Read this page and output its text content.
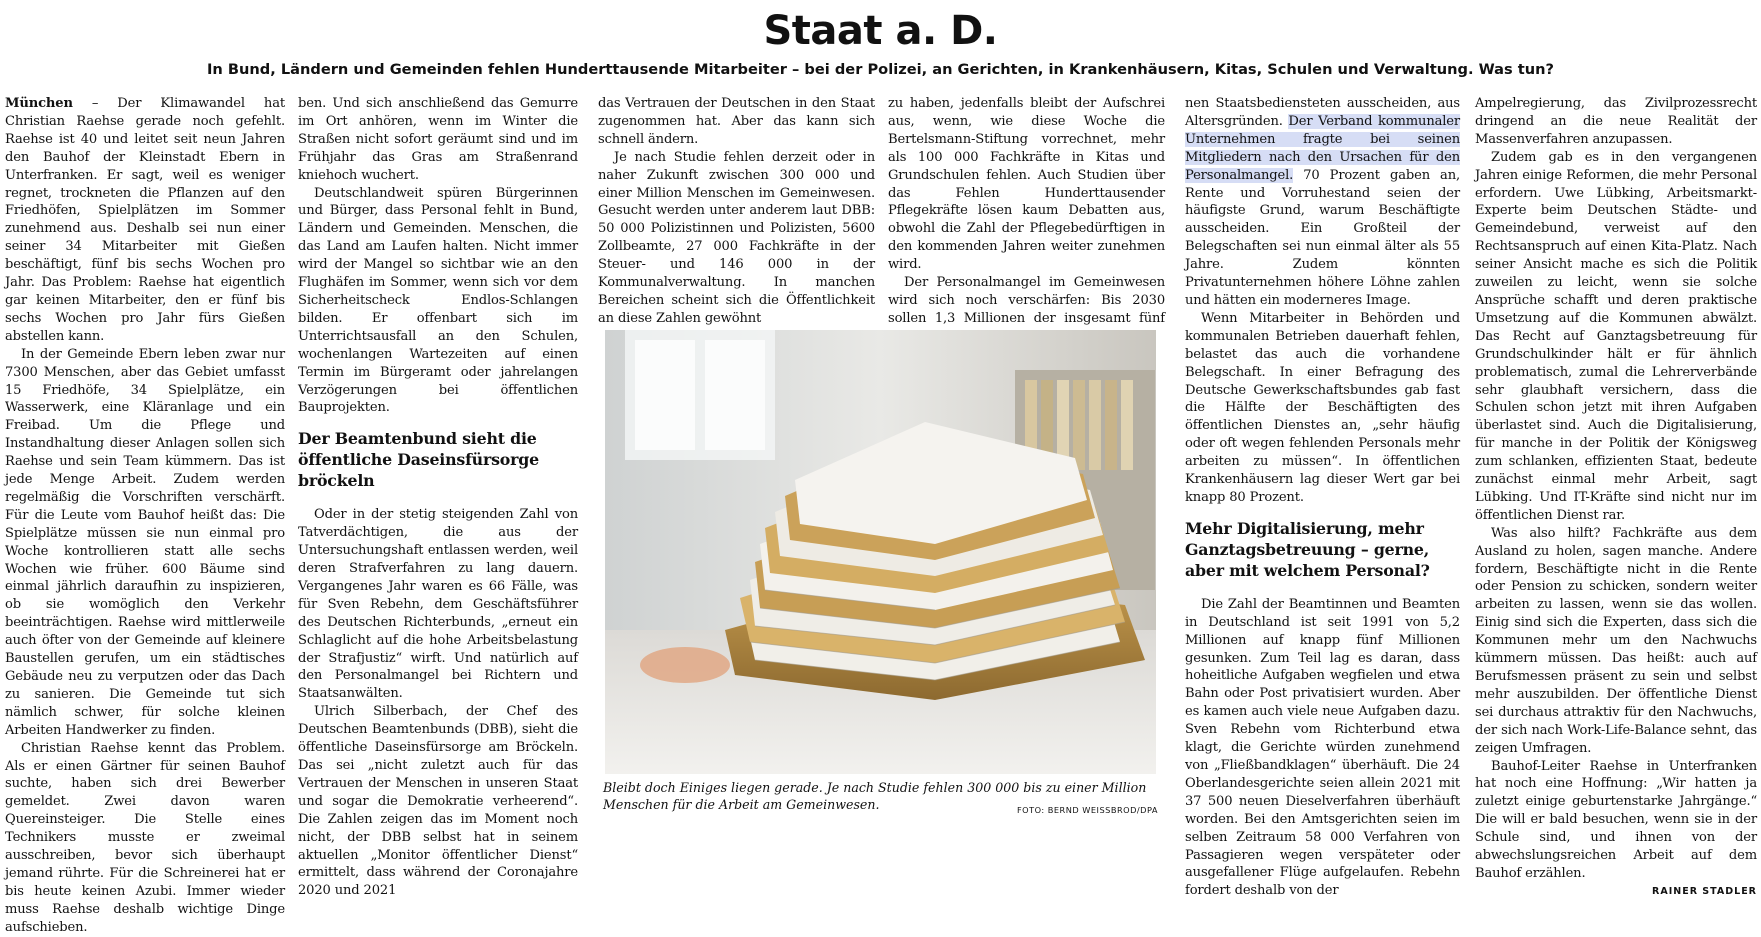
Staat a. D.
In Bund, Ländern und Gemeinden fehlen Hunderttausende Mitarbeiter – bei der Polizei, an Gerichten, in Krankenhäusern, Kitas, Schulen und Verwaltung. Was tun?

München – Der Klimawandel hat Christian Raehse gerade noch gefehlt. Raehse ist 40 und leitet seit neun Jahren den Bauhof der Kleinstadt Ebern in Unterfranken. Er sagt, weil es weniger regnet, trockneten die Pflanzen auf den Friedhöfen, Spielplätzen im Sommer zunehmend aus. Deshalb sei nun einer seiner 34 Mitarbeiter mit Gießen beschäftigt, fünf bis sechs Wochen pro Jahr. Das Problem: Raehse hat eigentlich gar keinen Mitarbeiter, den er fünf bis sechs Wochen pro Jahr fürs Gießen abstellen kann.

In der Gemeinde Ebern leben zwar nur 7300 Menschen, aber das Gebiet umfasst 15 Friedhöfe, 34 Spielplätze, ein Wasserwerk, eine Kläranlage und ein Freibad. Um die Pflege und Instandhaltung dieser Anlagen sollen sich Raehse und sein Team kümmern. Das ist jede Menge Arbeit. Zudem werden regelmäßig die Vorschriften verschärft. Für die Leute vom Bauhof heißt das: Die Spielplätze müssen sie nun einmal pro Woche kontrollieren statt alle sechs Wochen wie früher. 600 Bäume sind einmal jährlich daraufhin zu inspizieren, ob sie womöglich den Verkehr beeinträchtigen. Raehse wird mittlerweile auch öfter von der Gemeinde auf kleinere Baustellen gerufen, um ein städtisches Gebäude neu zu verputzen oder das Dach zu sanieren. Die Gemeinde tut sich nämlich schwer, für solche kleinen Arbeiten Handwerker zu finden.

Christian Raehse kennt das Problem. Als er einen Gärtner für seinen Bauhof suchte, haben sich drei Bewerber gemeldet. Zwei davon waren Quereinsteiger. Die Stelle eines Technikers musste er zweimal ausschreiben, bevor sich überhaupt jemand rührte. Für die Schreinerei hat er bis heute keinen Azubi. Immer wieder muss Raehse deshalb wichtige Dinge aufschieben.

ben. Und sich anschließend das Gemurre im Ort anhören, wenn im Winter die Straßen nicht sofort geräumt sind und im Frühjahr das Gras am Straßenrand kniehoch wuchert.

Deutschlandweit spüren Bürgerinnen und Bürger, dass Personal fehlt in Bund, Ländern und Gemeinden. Menschen, die das Land am Laufen halten. Nicht immer wird der Mangel so sichtbar wie an den Flughäfen im Sommer, wenn sich vor dem Sicherheitscheck Endlos-Schlangen bilden. Er offenbart sich im Unterrichtsausfall an den Schulen, wochenlangen Wartezeiten auf einen Termin im Bürgeramt oder jahrelangen Verzögerungen bei öffentlichen Bauprojekten.

Der Beamtenbund sieht die öffentliche Daseinsfürsorge bröckeln

Oder in der stetig steigenden Zahl von Tatverdächtigen, die aus der Untersuchungshaft entlassen werden, weil deren Strafverfahren zu lang dauern. Vergangenes Jahr waren es 66 Fälle, was für Sven Rebehn, dem Geschäftsführer des Deutschen Richterbunds, „erneut ein Schlaglicht auf die hohe Arbeitsbelastung der Strafjustiz“ wirft. Und natürlich auf den Personalmangel bei Richtern und Staatsanwälten.

Ulrich Silberbach, der Chef des Deutschen Beamtenbunds (DBB), sieht die öffentliche Daseinsfürsorge am Bröckeln. Das sei „nicht zuletzt auch für das Vertrauen der Menschen in unseren Staat und sogar die Demokratie verheerend“. Die Zahlen zeigen das im Moment noch nicht, der DBB selbst hat in seinem aktuellen „Monitor öffentlicher Dienst“ ermittelt, dass während der Coronajahre 2020 und 2021

das Vertrauen der Deutschen in den Staat zugenommen hat. Aber das kann sich schnell ändern.

Je nach Studie fehlen derzeit oder in naher Zukunft zwischen 300 000 und einer Million Menschen im Gemeinwesen. Gesucht werden unter anderem laut DBB: 50 000 Polizistinnen und Polizisten, 5600 Zollbeamte, 27 000 Fachkräfte in der Steuer- und 146 000 in der Kommunalverwaltung. In manchen Bereichen scheint sich die Öffentlichkeit an diese Zahlen gewöhnt

zu haben, jedenfalls bleibt der Aufschrei aus, wenn, wie diese Woche die Bertelsmann-Stiftung vorrechnet, mehr als 100 000 Fachkräfte in Kitas und Grundschulen fehlen. Auch Studien über das Fehlen Hunderttausender Pflegekräfte lösen kaum Debatten aus, obwohl die Zahl der Pflegebedürftigen in den kommenden Jahren weiter zunehmen wird.

Der Personalmangel im Gemeinwesen wird sich noch verschärfen: Bis 2030 sollen 1,3 Millionen der insgesamt fünf

nen Staatsbediensteten ausscheiden, aus Altersgründen. Der Verband kommunaler Unternehmen fragte bei seinen Mitgliedern nach den Ursachen für den Personalmangel. 70 Prozent gaben an, Rente und Vorruhestand seien der häufigste Grund, warum Beschäftigte ausscheiden. Ein Großteil der Belegschaften sei nun einmal älter als 55 Jahre. Zudem könnten Privatunternehmen höhere Löhne zahlen und hätten ein moderneres Image.

Wenn Mitarbeiter in Behörden und kommunalen Betrieben dauerhaft fehlen, belastet das auch die vorhandene Belegschaft. In einer Befragung des Deutsche Gewerkschaftsbundes gab fast die Hälfte der Beschäftigten des öffentlichen Dienstes an, „sehr häufig oder oft wegen fehlenden Personals mehr arbeiten zu müssen“. In öffentlichen Krankenhäusern lag dieser Wert gar bei knapp 80 Prozent.

Mehr Digitalisierung, mehr Ganztagsbetreuung – gerne, aber mit welchem Personal?

Die Zahl der Beamtinnen und Beamten in Deutschland ist seit 1991 von 5,2 Millionen auf knapp fünf Millionen gesunken. Zum Teil lag es daran, dass hoheitliche Aufgaben wegfielen und etwa Bahn oder Post privatisiert wurden. Aber es kamen auch viele neue Aufgaben dazu. Sven Rebehn vom Richterbund etwa klagt, die Gerichte würden zunehmend von „Fließbandklagen“ überhäuft. Die 24 Oberlandesgerichte seien allein 2021 mit 37 500 neuen Dieselverfahren überhäuft worden. Bei den Amtsgerichten seien im selben Zeitraum 58 000 Verfahren von Passagieren wegen verspäteter oder ausgefallener Flüge aufgelaufen. Rebehn fordert deshalb von der

Ampelregierung, das Zivilprozessrecht dringend an die neue Realität der Massenverfahren anzupassen.

Zudem gab es in den vergangenen Jahren einige Reformen, die mehr Personal erfordern. Uwe Lübking, Arbeitsmarkt-Experte beim Deutschen Städte- und Gemeindebund, verweist auf den Rechtsanspruch auf einen Kita-Platz. Nach seiner Ansicht mache es sich die Politik zuweilen zu leicht, wenn sie solche Ansprüche schafft und deren praktische Umsetzung auf die Kommunen abwälzt. Das Recht auf Ganztagsbetreuung für Grundschulkinder hält er für ähnlich problematisch, zumal die Lehrerverbände sehr glaubhaft versichern, dass die Schulen schon jetzt mit ihren Aufgaben überlastet sind. Auch die Digitalisierung, für manche in der Politik der Königsweg zum schlanken, effizienten Staat, bedeute zunächst einmal mehr Arbeit, sagt Lübking. Und IT-Kräfte sind nicht nur im öffentlichen Dienst rar.

Was also hilft? Fachkräfte aus dem Ausland zu holen, sagen manche. Andere fordern, Beschäftigte nicht in die Rente oder Pension zu schicken, sondern weiter arbeiten zu lassen, wenn sie das wollen. Einig sind sich die Experten, dass sich die Kommunen mehr um den Nachwuchs kümmern müssen. Das heißt: auch auf Berufsmessen präsent zu sein und selbst mehr auszubilden. Der öffentliche Dienst sei durchaus attraktiv für den Nachwuchs, der sich nach Work-Life-Balance sehnt, das zeigen Umfragen.

Bauhof-Leiter Raehse in Unterfranken hat noch eine Hoffnung: „Wir hatten ja zuletzt einige geburtenstarke Jahrgänge.“ Die will er bald besuchen, wenn sie in der Schule sind, und ihnen von der abwechslungsreichen Arbeit auf dem Bauhof erzählen.

RAINER STADLER

Bleibt doch Einiges liegen gerade. Je nach Studie fehlen 300 000 bis zu einer Million Menschen für die Arbeit am Gemeinwesen.	FOTO: BERND WEISSBROD/DPA
